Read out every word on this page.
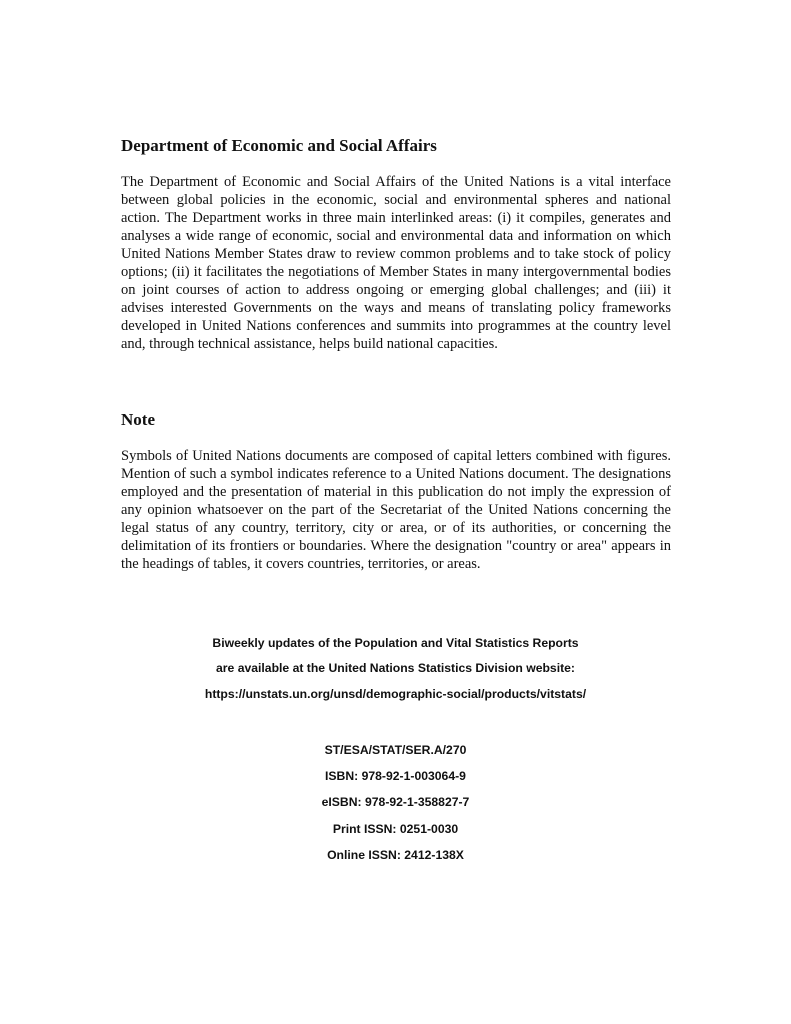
Department of Economic and Social Affairs

The Department of Economic and Social Affairs of the United Nations is a vital interface between global policies in the economic, social and environmental spheres and national action. The Department works in three main interlinked areas: (i) it compiles, generates and analyses a wide range of economic, social and environmental data and information on which United Nations Member States draw to review common problems and to take stock of policy options; (ii) it facilitates the negotiations of Member States in many intergovernmental bodies on joint courses of action to address ongoing or emerging global challenges; and (iii) it advises interested Governments on the ways and means of translating policy frameworks developed in United Nations conferences and summits into programmes at the country level and, through technical assistance, helps build national capacities.

Note

Symbols of United Nations documents are composed of capital letters combined with figures. Mention of such a symbol indicates reference to a United Nations document. The designations employed and the presentation of material in this publication do not imply the expression of any opinion whatsoever on the part of the Secretariat of the United Nations concerning the legal status of any country, territory, city or area, or of its authorities, or concerning the delimitation of its frontiers or boundaries. Where the designation "country or area" appears in the headings of tables, it covers countries, territories, or areas.

Biweekly updates of the Population and Vital Statistics Reports

are available at the United Nations Statistics Division website:

https://unstats.un.org/unsd/demographic-social/products/vitstats/

ST/ESA/STAT/SER.A/270

ISBN: 978-92-1-003064-9

eISBN: 978-92-1-358827-7

Print ISSN: 0251-0030

Online ISSN: 2412-138X
